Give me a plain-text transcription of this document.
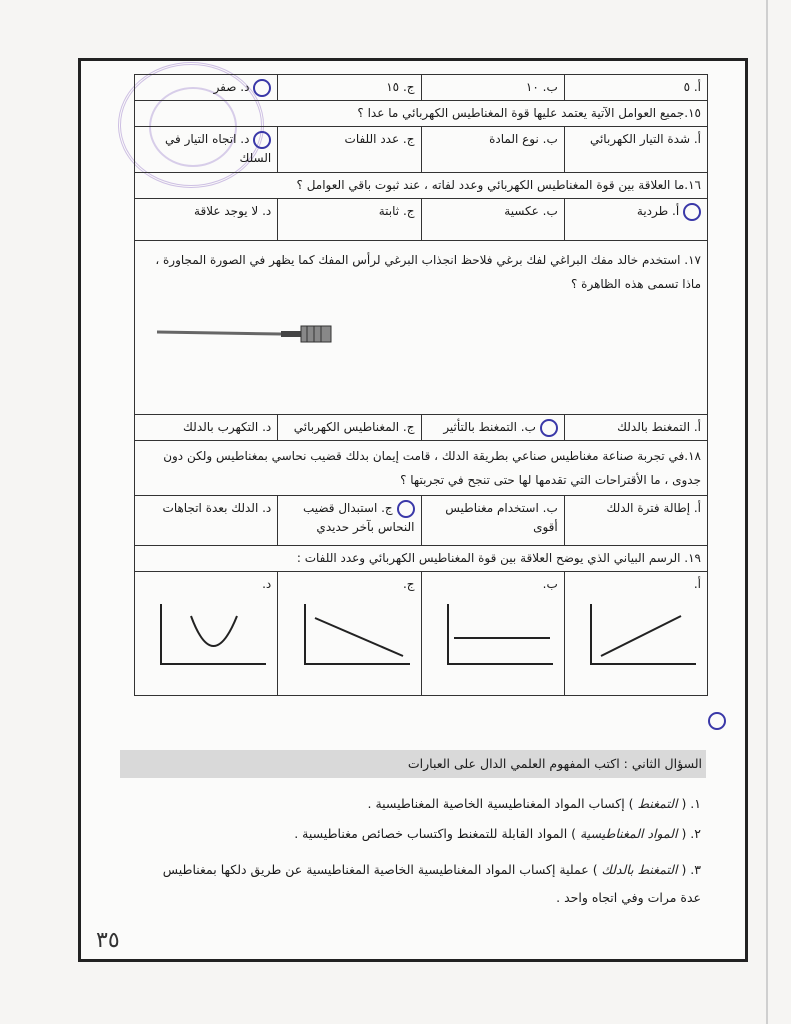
أ. ٥	ب. ١٠	ج. ١٥	د. صفر
١٥.جميع العوامل الآتية يعتمد عليها قوة المغناطيس الكهربائي ما عدا ؟			
أ. شدة التيار الكهربائي	ب. نوع المادة	ج. عدد اللفات	د. اتجاه التيار في السلك
١٦.ما العلاقة بين قوة المغناطيس الكهربائي وعدد لفاته ، عند ثبوت باقي العوامل ؟			
أ. طردية	ب. عكسية	ج. ثابتة	د. لا يوجد علاقة

١٧. استخدم خالد مفك البراغي لفك برغي فلاحظ انجذاب البرغي لرأس المفك كما يظهر في الصورة المجاورة ، ماذا تسمى هذه الظاهرة ؟			

أ. التمغنط بالدلك	ب. التمغنط بالتأثير	ج. المغناطيس الكهربائي	د. التكهرب بالدلك
١٨.في تجربة صناعة مغناطيس صناعي بطريقة الدلك ، قامت إيمان بدلك قضيب نحاسي بمغناطيس ولكن دون جدوى ، ما الأقتراحات التي تقدمها لها حتى تنجح في تجربتها ؟			
أ. إطالة فترة الدلك	ب. استخدام مغناطيس أقوى	ج. استبدال قضيب النحاس بآخر حديدي	د. الدلك بعدة اتجاهات
١٩. الرسم البياني الذي يوضح العلاقة بين قوة المغناطيس الكهربائي وعدد اللفات :			

أ.	ب.	ج.	د.
السؤال الثاني : اكتب المفهوم العلمي الدال على العبارات
١. ( التمغنط ) إكساب المواد المغناطيسية الخاصية المغناطيسية .
٢. ( المواد المغناطيسية ) المواد القابلة للتمغنط واكتساب خصائص مغناطيسية .
٣. ( التمغنط بالدلك ) عملية إكساب المواد المغناطيسية الخاصية المغناطيسية عن طريق دلكها بمغناطيس عدة مرات وفي اتجاه واحد .
٣٥
